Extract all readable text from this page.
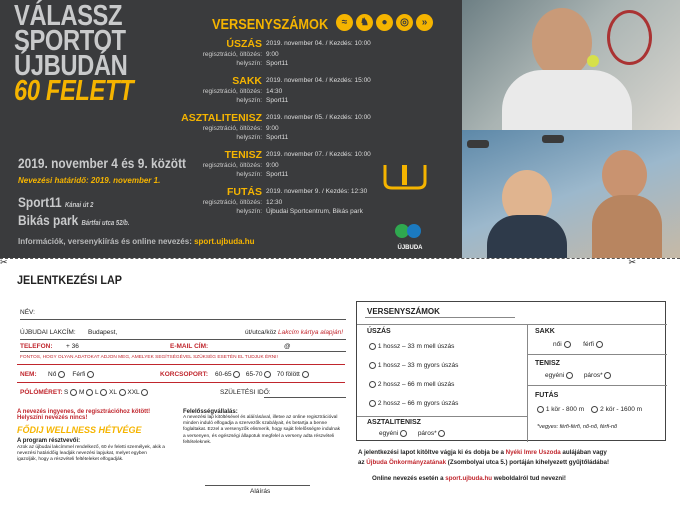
VÁLASSZ
SPORTOT
ÚJBUDÁN
60 FELETT
2019. november 4 és 9. között
Nevezési határidő: 2019. november 1.
Sport11 Kánai út 2
Bikás park Bártfai utca 52/b.
Információk, versenykiírás és online nevezés: sport.ujbuda.hu
VERSENYSZÁMOK	≈	♞	●	◎	»
ÚSZÁS 2019. november 04. / Kezdés: 10:00
regisztráció, öltözés: 9:00
helyszín: Sport11
SAKK 2019. november 04. / Kezdés: 15:00
regisztráció, öltözés: 14:30
helyszín: Sport11
ASZTALITENISZ 2019. november 05. / Kezdés: 10:00
regisztráció, öltözés: 9:00
helyszín: Sport11
TENISZ 2019. november 07. / Kezdés: 10:00
regisztráció, öltözés: 9:00
helyszín: Sport11
FUTÁS 2019. november 9. / Kezdés: 12:30
regisztráció, öltözés: 12:30
helyszín: Újbudai Sportcentrum, Bikás park
ÚJBUDA
✂	✂
JELENTKEZÉSI LAP
NÉV:
ÚJBUDAI LAKCÍM: Budapest,	út/utca/köz Lakcím kártya alapján!
TELEFON: + 36	E-MAIL CÍM:	@
FONTOS, HOGY OLYAN ADATOKAT ADJON MEG, AMELYEK SEGÍTSÉGÉVEL SZÜKSÉG ESETÉN EL TUDJUK ÉRNI!
NEM: Nő Férfi	KORCSOPORT: 60-65 65-70 70 fölött
PÓLÓMÉRET: S M L XL XXL	SZÜLETÉSI IDŐ:
A nevezés ingyenes, de regisztrációhoz kötött!
Helyszíni nevezés nincs!
FŐDIJ WELLNESS HÉTVÉGE
A program résztvevői:
Azok az újbudai lakcímmel rendelkező, 60 év feletti személyek, akik a nevezési határidőig leadják nevezési lapjukat, melyet egyben igazolják, hogy a részvételi feltételeket elfogadják.
Felelősségvállalás:
A nevezési lap kitöltésével és aláírásával, illetve az online regisztrációval minden induló elfogadja a szervezők szabályait, és betartja a benne foglaltakat. Ezzel a versenyzők elismerik, hogy saját felelősségre indulnak a versenyen, és egészségi állapotuk megfelel a verseny adta részvételi feltételeknek.
Aláírás
VERSENYSZÁMOK
ÚSZÁS
1 hossz – 33 m mell úszás
1 hossz – 33 m gyors úszás
2 hossz – 66 m mell úszás
2 hossz – 66 m gyors úszás
SAKK
női	férfi
TENISZ
egyéni	páros*
FUTÁS
1 kör - 800 m 2 kör - 1600 m
*vegyes: férfi-férfi, nő-nő, férfi-nő
ASZTALITENISZ
egyéni	páros*
A jelentkezési lapot kitöltve vágja ki és dobja be a Nyéki Imre Uszoda aulájában vagy
az Újbuda Önkormányzatának (Zsombolyai utca 5.) portáján kihelyezett gyűjtőládába!
Online nevezés esetén a sport.ujbuda.hu weboldalról tud nevezni!
